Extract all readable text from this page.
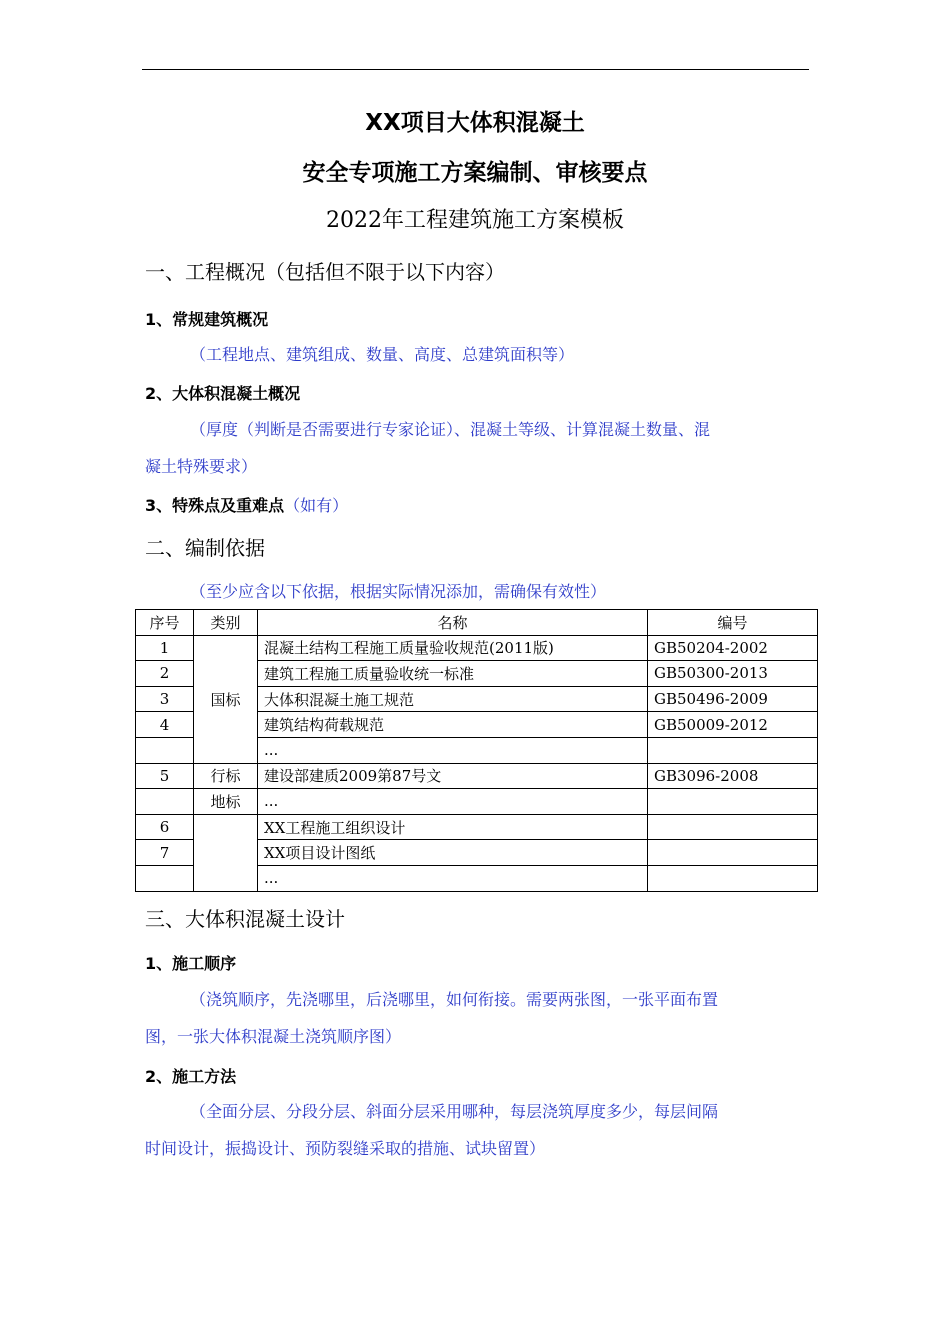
XX项目大体积混凝土
安全专项施工方案编制、审核要点
2022年工程建筑施工方案模板
一、工程概况（包括但不限于以下内容）
1、常规建筑概况
（工程地点、建筑组成、数量、高度、总建筑面积等）
2、大体积混凝土概况
（厚度（判断是否需要进行专家论证）、混凝土等级、计算混凝土数量、混
凝土特殊要求）
3、特殊点及重难点（如有）
二、编制依据
（至少应含以下依据，根据实际情况添加，需确保有效性）
序号	类别	名称	编号
1	国标	混凝土结构工程施工质量验收规范(2011版)	GB50204-2002
2		建筑工程施工质量验收统一标准	GB50300-2013
3		大体积混凝土施工规范	GB50496-2009
4		建筑结构荷载规范	GB50009-2012
		...	
5	行标	建设部建质2009第87号文	GB3096-2008
	地标	...	
6		XX工程施工组织设计	
7		XX项目设计图纸	
		...	
三、大体积混凝土设计
1、施工顺序
（浇筑顺序，先浇哪里，后浇哪里，如何衔接。需要两张图，一张平面布置
图，一张大体积混凝土浇筑顺序图）
2、施工方法
（全面分层、分段分层、斜面分层采用哪种，每层浇筑厚度多少，每层间隔
时间设计，振捣设计、预防裂缝采取的措施、试块留置）
